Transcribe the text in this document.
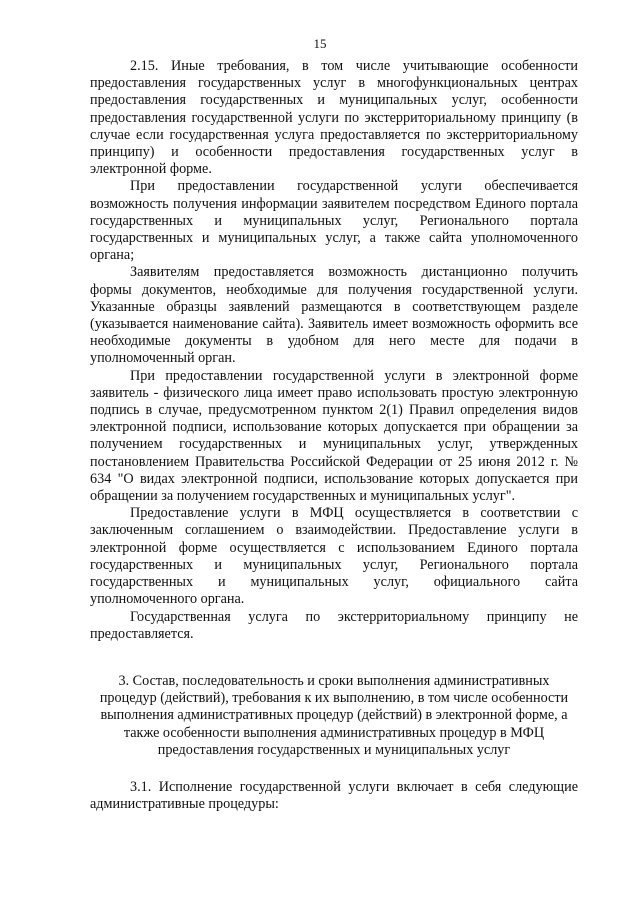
15

2.15. Иные требования, в том числе учитывающие особенности предоставления государственных услуг в многофункциональных центрах предоставления государственных и муниципальных услуг, особенности предоставления государственной услуги по экстерриториальному принципу (в случае если государственная услуга предоставляется по экстерриториальному принципу) и особенности предоставления государственных услуг в электронной форме.

При предоставлении государственной услуги обеспечивается возможность получения информации заявителем посредством Единого портала государственных и муниципальных услуг, Регионального портала государственных и муниципальных услуг, а также сайта уполномоченного органа;

Заявителям предоставляется возможность дистанционно получить формы документов, необходимые для получения государственной услуги. Указанные образцы заявлений размещаются в соответствующем разделе (указывается наименование сайта). Заявитель имеет возможность оформить все необходимые документы в удобном для него месте для подачи в уполномоченный орган.

При предоставлении государственной услуги в электронной форме заявитель - физического лица имеет право использовать простую электронную подпись в случае, предусмотренном пунктом 2(1) Правил определения видов электронной подписи, использование которых допускается при обращении за получением государственных и муниципальных услуг, утвержденных постановлением Правительства Российской Федерации от 25 июня 2012 г. № 634 "О видах электронной подписи, использование которых допускается при обращении за получением государственных и муниципальных услуг".

Предоставление услуги в МФЦ осуществляется в соответствии с заключенным соглашением о взаимодействии. Предоставление услуги в электронной форме осуществляется с использованием Единого портала государственных и муниципальных услуг, Регионального портала государственных и муниципальных услуг, официального сайта уполномоченного органа.

Государственная услуга по экстерриториальному принципу не предоставляется.

3. Состав, последовательность и сроки выполнения административных процедур (действий), требования к их выполнению, в том числе особенности выполнения административных процедур (действий) в электронной форме, а также особенности выполнения административных процедур в МФЦ предоставления государственных и муниципальных услуг

3.1. Исполнение государственной услуги включает в себя следующие административные процедуры:
